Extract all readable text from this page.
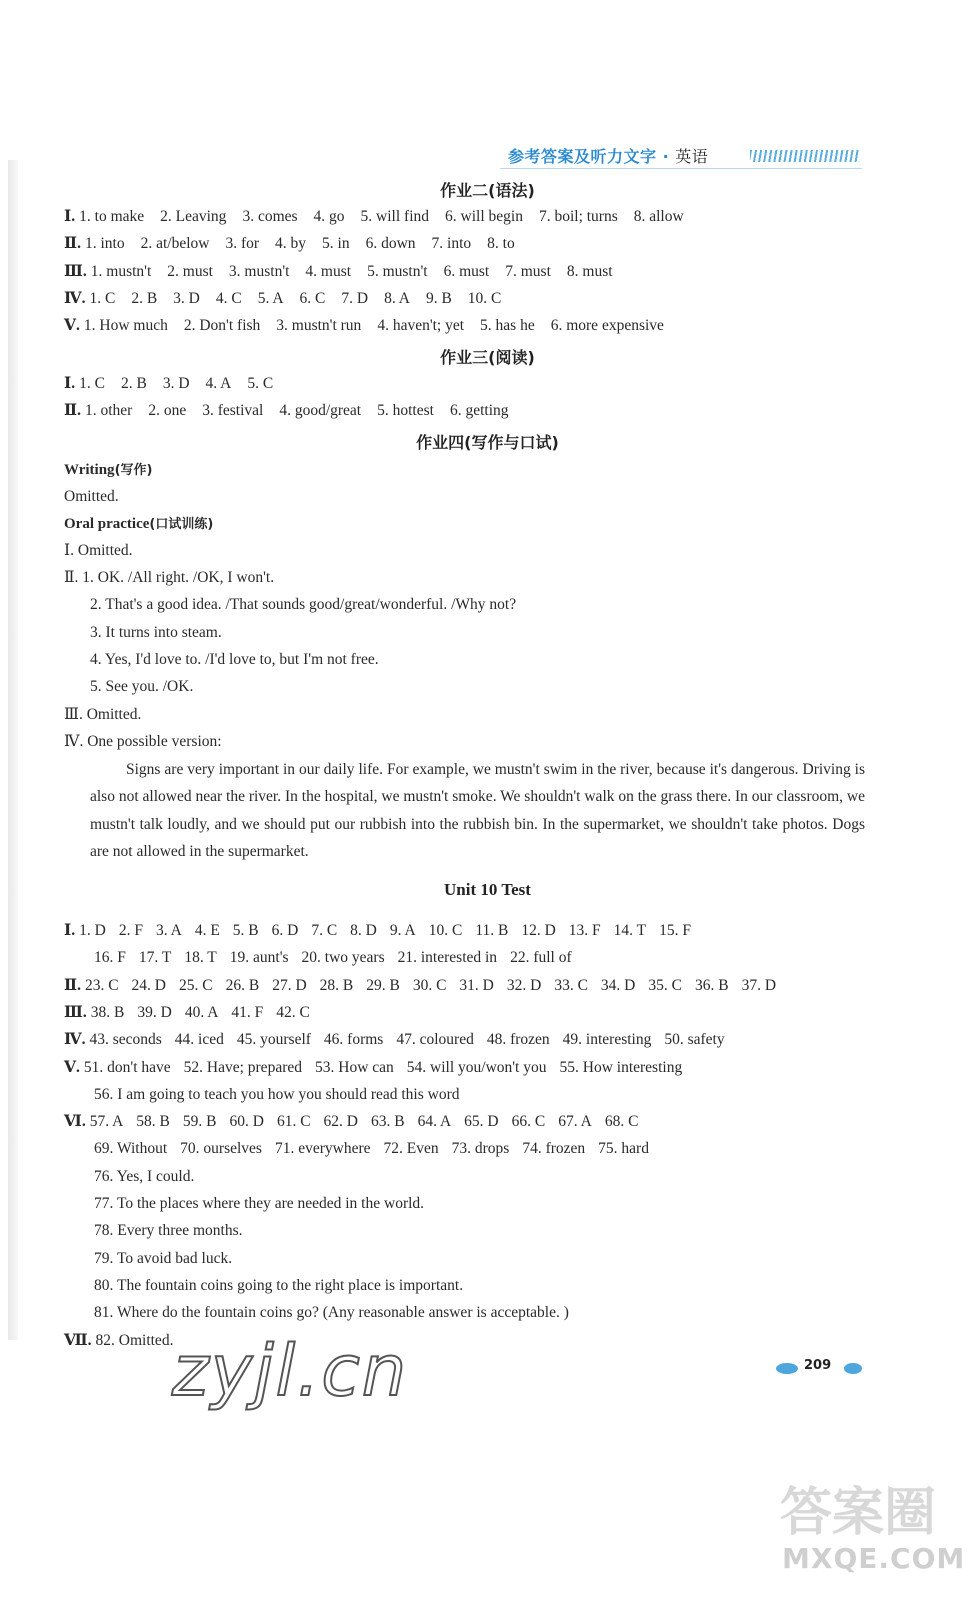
参考答案及听力文字 · 英语
作业二(语法)
Ⅰ. 1. to make 2. Leaving 3. comes 4. go 5. will find 6. will begin 7. boil; turns 8. allow
Ⅱ. 1. into 2. at/below 3. for 4. by 5. in 6. down 7. into 8. to
Ⅲ. 1. mustn't 2. must 3. mustn't 4. must 5. mustn't 6. must 7. must 8. must
Ⅳ. 1. C 2. B 3. D 4. C 5. A 6. C 7. D 8. A 9. B 10. C
Ⅴ. 1. How much 2. Don't fish 3. mustn't run 4. haven't; yet 5. has he 6. more expensive
作业三(阅读)
Ⅰ. 1. C 2. B 3. D 4. A 5. C
Ⅱ. 1. other 2. one 3. festival 4. good/great 5. hottest 6. getting
作业四(写作与口试)
Writing(写作)
Omitted.
Oral practice(口试训练)
Ⅰ. Omitted.
Ⅱ. 1. OK. /All right. /OK, I won't.
2. That's a good idea. /That sounds good/great/wonderful. /Why not?
3. It turns into steam.
4. Yes, I'd love to. /I'd love to, but I'm not free.
5. See you. /OK.
Ⅲ. Omitted.
Ⅳ. One possible version:
Signs are very important in our daily life. For example, we mustn't swim in the river, because it's dangerous. Driving is also not allowed near the river. In the hospital, we mustn't smoke. We shouldn't walk on the grass there. In our classroom, we mustn't talk loudly, and we should put our rubbish into the rubbish bin. In the supermarket, we shouldn't take photos. Dogs are not allowed in the supermarket.
Unit 10 Test
Ⅰ. 1. D 2. F 3. A 4. E 5. B 6. D 7. C 8. D 9. A 10. C 11. B 12. D 13. F 14. T 15. F
16. F 17. T 18. T 19. aunt's 20. two years 21. interested in 22. full of
Ⅱ. 23. C 24. D 25. C 26. B 27. D 28. B 29. B 30. C 31. D 32. D 33. C 34. D 35. C 36. B 37. D
Ⅲ. 38. B 39. D 40. A 41. F 42. C
Ⅳ. 43. seconds 44. iced 45. yourself 46. forms 47. coloured 48. frozen 49. interesting 50. safety
Ⅴ. 51. don't have 52. Have; prepared 53. How can 54. will you/won't you 55. How interesting
56. I am going to teach you how you should read this word
Ⅵ. 57. A 58. B 59. B 60. D 61. C 62. D 63. B 64. A 65. D 66. C 67. A 68. C
69. Without 70. ourselves 71. everywhere 72. Even 73. drops 74. frozen 75. hard
76. Yes, I could.
77. To the places where they are needed in the world.
78. Every three months.
79. To avoid bad luck.
80. The fountain coins going to the right place is important.
81. Where do the fountain coins go? (Any reasonable answer is acceptable. )
Ⅶ. 82. Omitted.
209
zyjl.cn
答案圈
MXQE.COM
